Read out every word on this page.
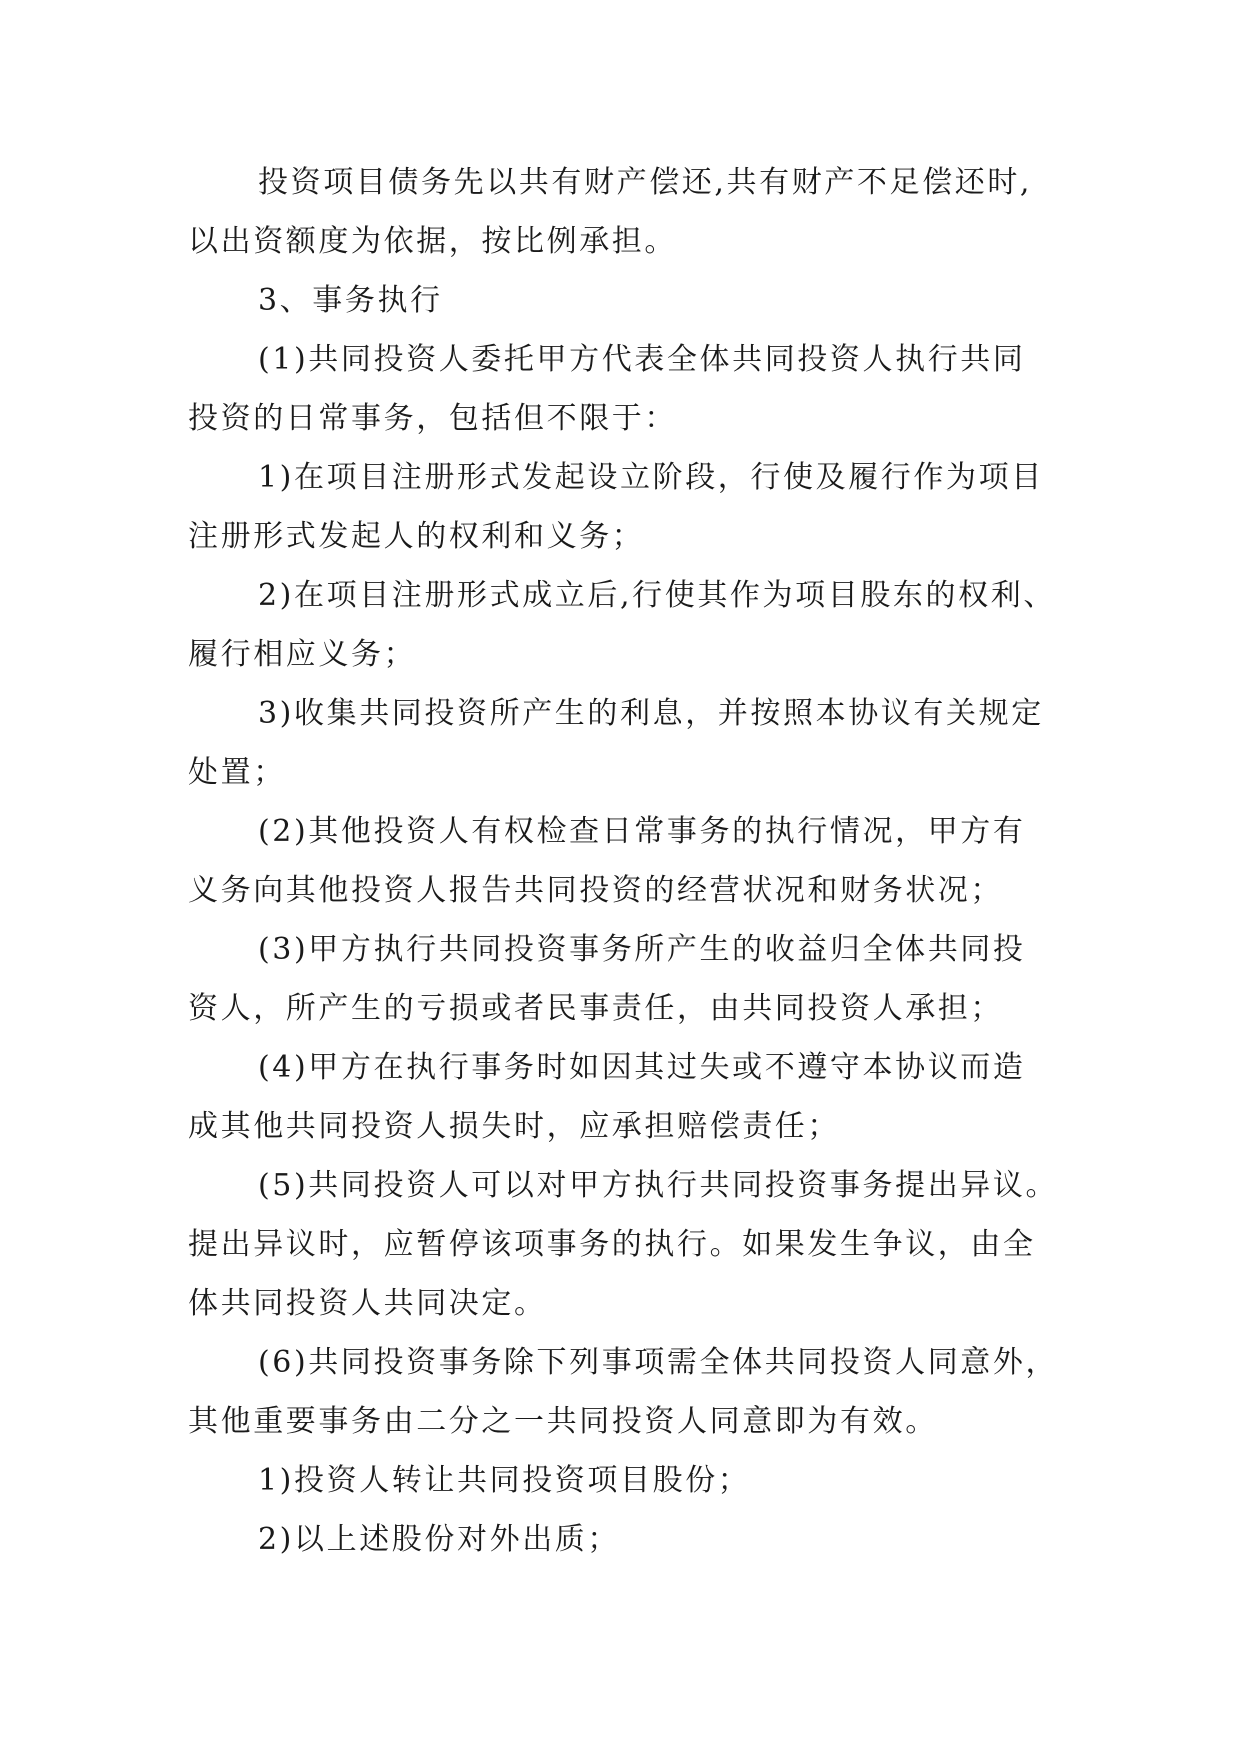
投资项目债务先以共有财产偿还,共有财产不足偿还时,
以出资额度为依据，按比例承担。
3、事务执行
(1)共同投资人委托甲方代表全体共同投资人执行共同
投资的日常事务，包括但不限于：
1)在项目注册形式发起设立阶段，行使及履行作为项目
注册形式发起人的权利和义务；
2)在项目注册形式成立后,行使其作为项目股东的权利、
履行相应义务；
3)收集共同投资所产生的利息，并按照本协议有关规定
处置；
(2)其他投资人有权检查日常事务的执行情况，甲方有
义务向其他投资人报告共同投资的经营状况和财务状况；
(3)甲方执行共同投资事务所产生的收益归全体共同投
资人，所产生的亏损或者民事责任，由共同投资人承担；
(4)甲方在执行事务时如因其过失或不遵守本协议而造
成其他共同投资人损失时，应承担赔偿责任；
(5)共同投资人可以对甲方执行共同投资事务提出异议。
提出异议时，应暂停该项事务的执行。如果发生争议，由全
体共同投资人共同决定。
(6)共同投资事务除下列事项需全体共同投资人同意外，
其他重要事务由二分之一共同投资人同意即为有效。
1)投资人转让共同投资项目股份；
2)以上述股份对外出质；
